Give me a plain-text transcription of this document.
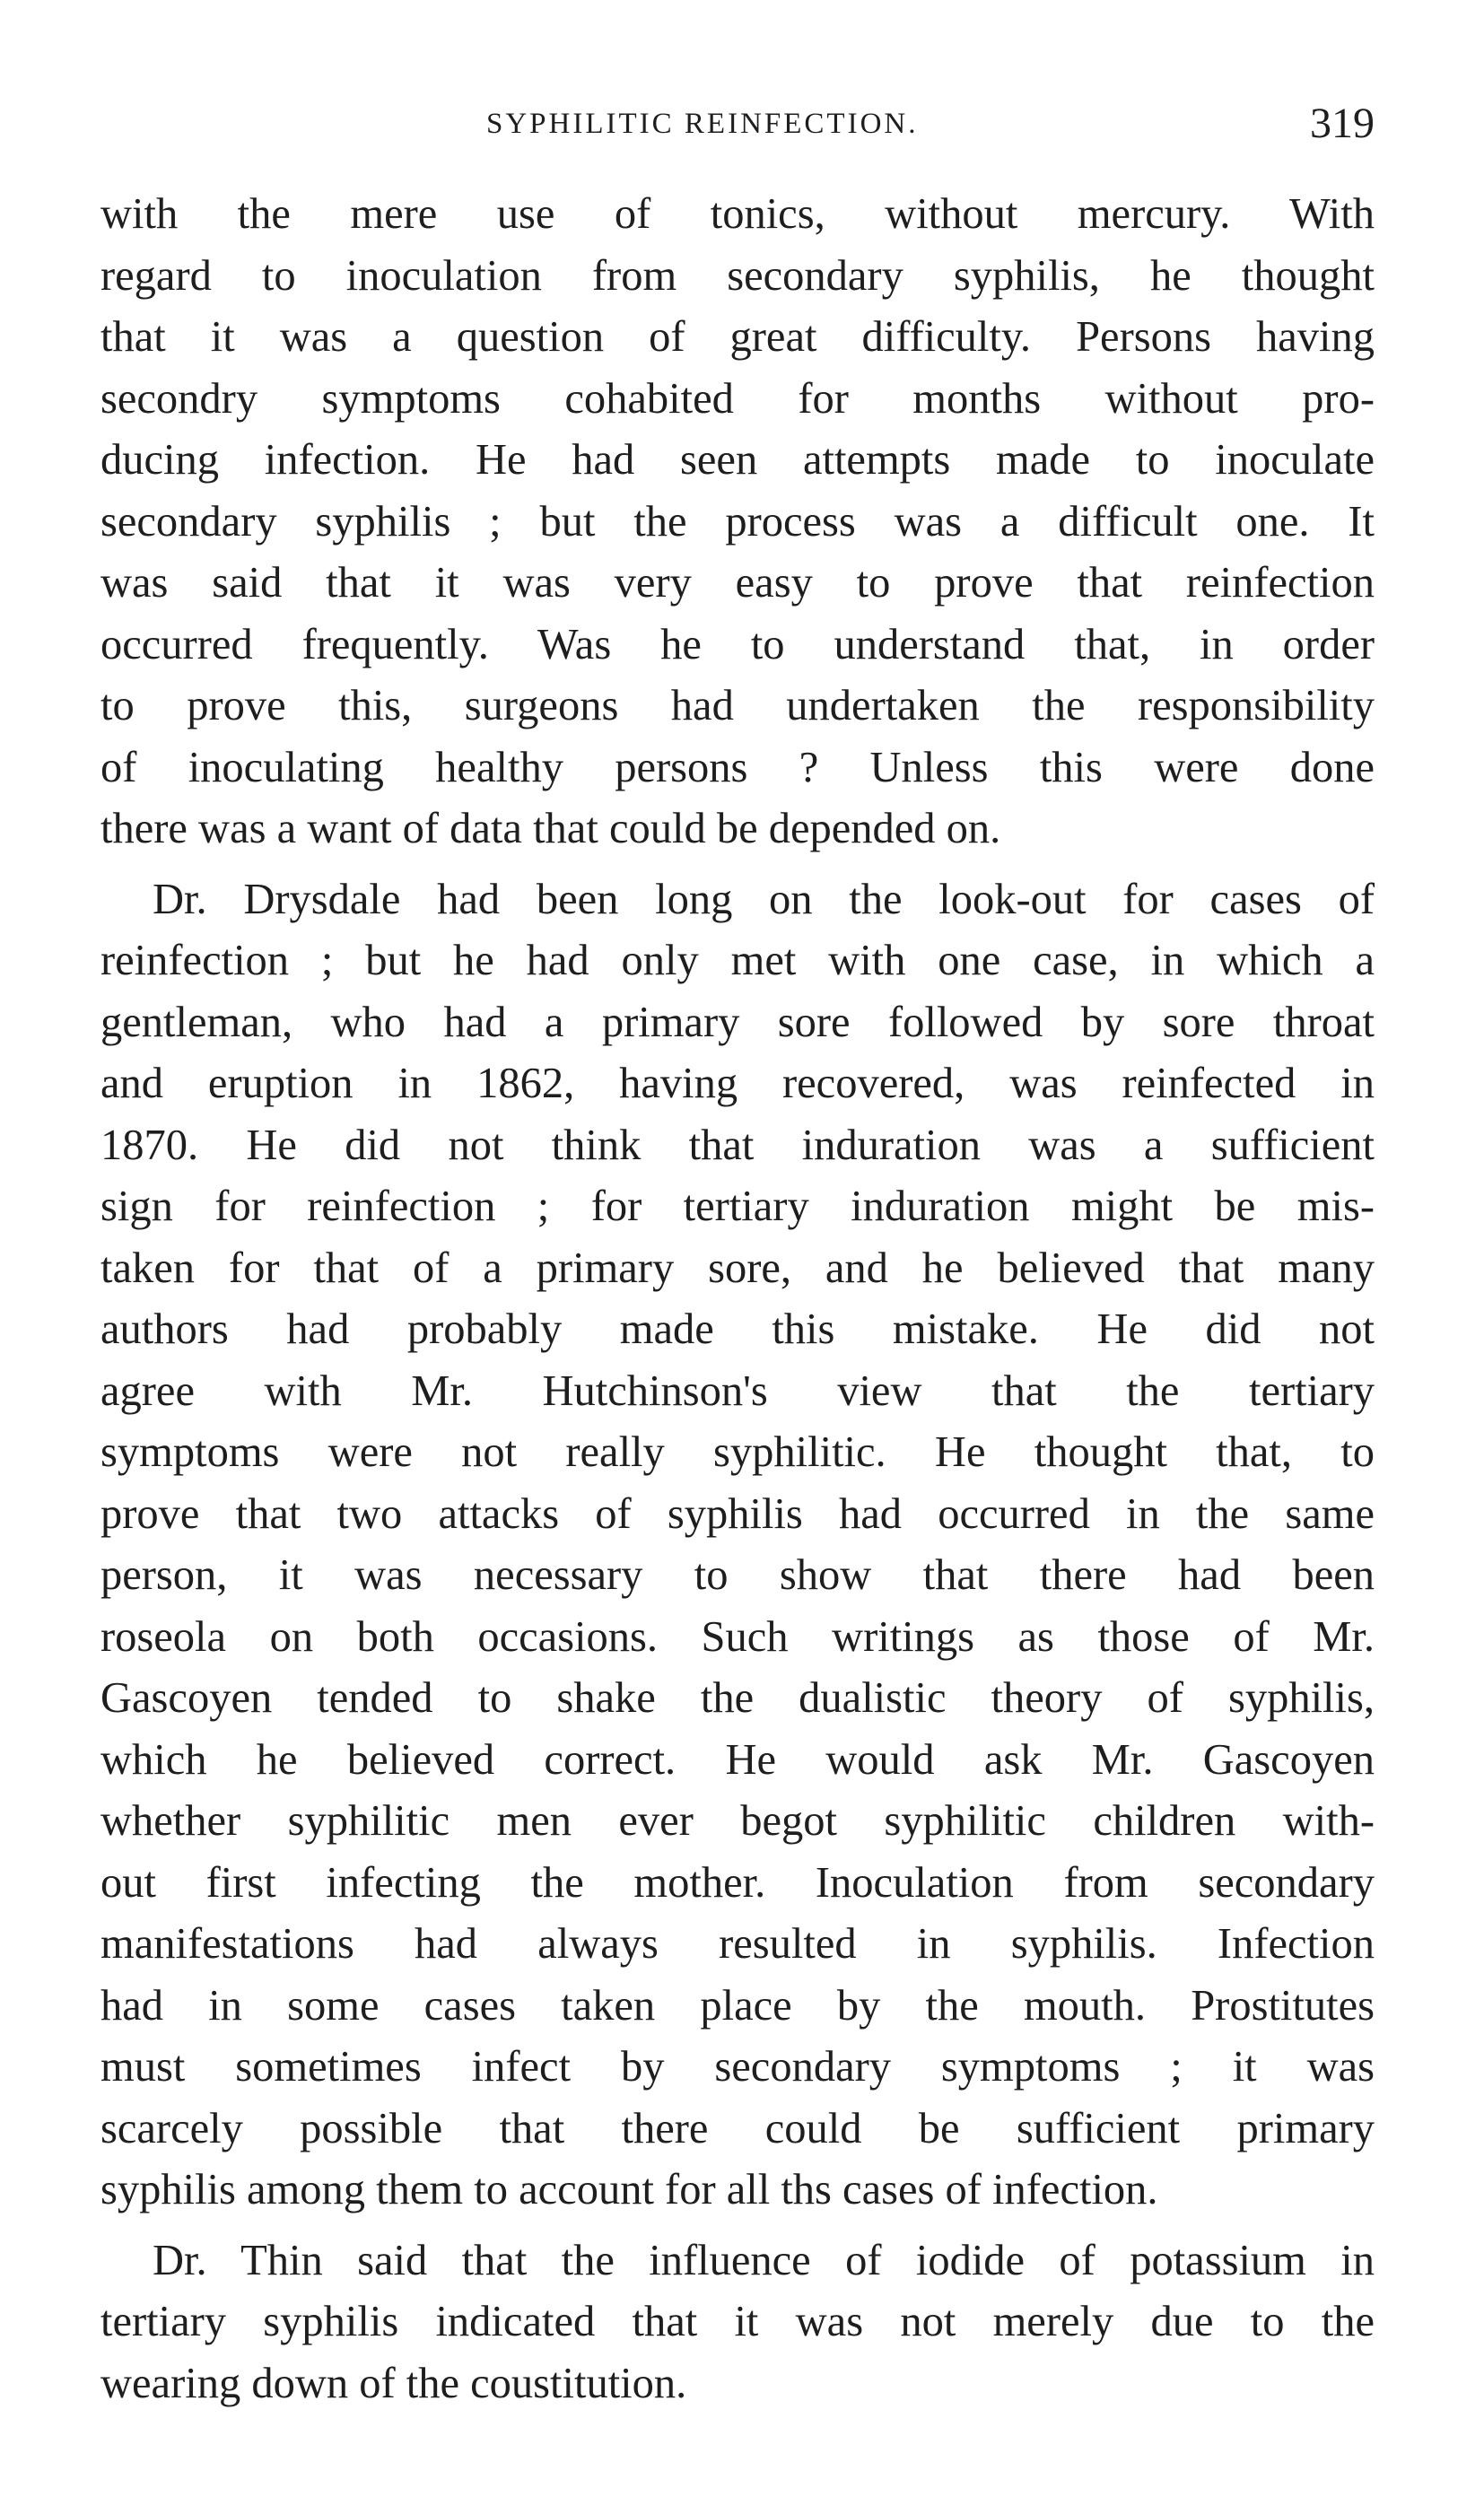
SYPHILITIC REINFECTION.	319
with the mere use of tonics, without mercury. With
regard to inoculation from secondary syphilis, he thought
that it was a question of great difficulty. Persons having
secondry symptoms cohabited for months without pro-
ducing infection. He had seen attempts made to inoculate
secondary syphilis ; but the process was a difficult one. It
was said that it was very easy to prove that reinfection
occurred frequently. Was he to understand that, in order
to prove this, surgeons had undertaken the responsibility
of inoculating healthy persons ? Unless this were done
there was a want of data that could be depended on.
Dr. Drysdale had been long on the look-out for cases of
reinfection ; but he had only met with one case, in which a
gentleman, who had a primary sore followed by sore throat
and eruption in 1862, having recovered, was reinfected in
1870. He did not think that induration was a sufficient
sign for reinfection ; for tertiary induration might be mis-
taken for that of a primary sore, and he believed that many
authors had probably made this mistake. He did not
agree with Mr. Hutchinson's view that the tertiary
symptoms were not really syphilitic. He thought that, to
prove that two attacks of syphilis had occurred in the same
person, it was necessary to show that there had been
roseola on both occasions. Such writings as those of Mr.
Gascoyen tended to shake the dualistic theory of syphilis,
which he believed correct. He would ask Mr. Gascoyen
whether syphilitic men ever begot syphilitic children with-
out first infecting the mother. Inoculation from secondary
manifestations had always resulted in syphilis. Infection
had in some cases taken place by the mouth. Prostitutes
must sometimes infect by secondary symptoms ; it was
scarcely possible that there could be sufficient primary
syphilis among them to account for all ths cases of infection.
Dr. Thin said that the influence of iodide of potassium in
tertiary syphilis indicated that it was not merely due to the
wearing down of the coustitution.
